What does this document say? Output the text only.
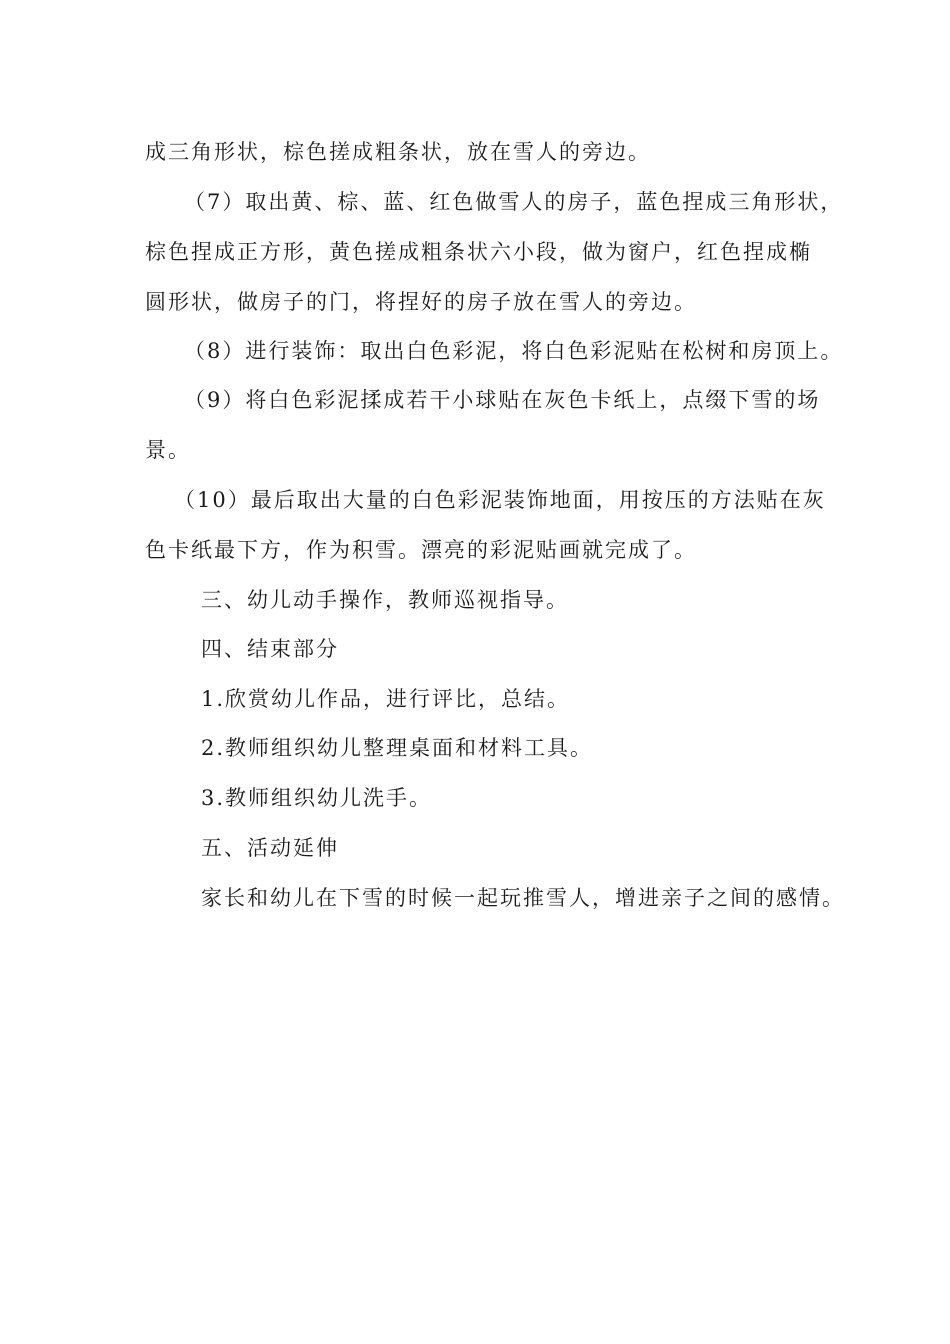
成三角形状，棕色搓成粗条状，放在雪人的旁边。
（7）取出黄、棕、蓝、红色做雪人的房子，蓝色捏成三角形状，
棕色捏成正方形，黄色搓成粗条状六小段，做为窗户，红色捏成椭
圆形状，做房子的门，将捏好的房子放在雪人的旁边。
（8）进行装饰：取出白色彩泥，将白色彩泥贴在松树和房顶上。
（9）将白色彩泥揉成若干小球贴在灰色卡纸上，点缀下雪的场
景。
（10）最后取出大量的白色彩泥装饰地面，用按压的方法贴在灰
色卡纸最下方，作为积雪。漂亮的彩泥贴画就完成了。
三、幼儿动手操作，教师巡视指导。
四、结束部分
1.欣赏幼儿作品，进行评比，总结。
2.教师组织幼儿整理桌面和材料工具。
3.教师组织幼儿洗手。
五、活动延伸
家长和幼儿在下雪的时候一起玩推雪人，增进亲子之间的感情。
